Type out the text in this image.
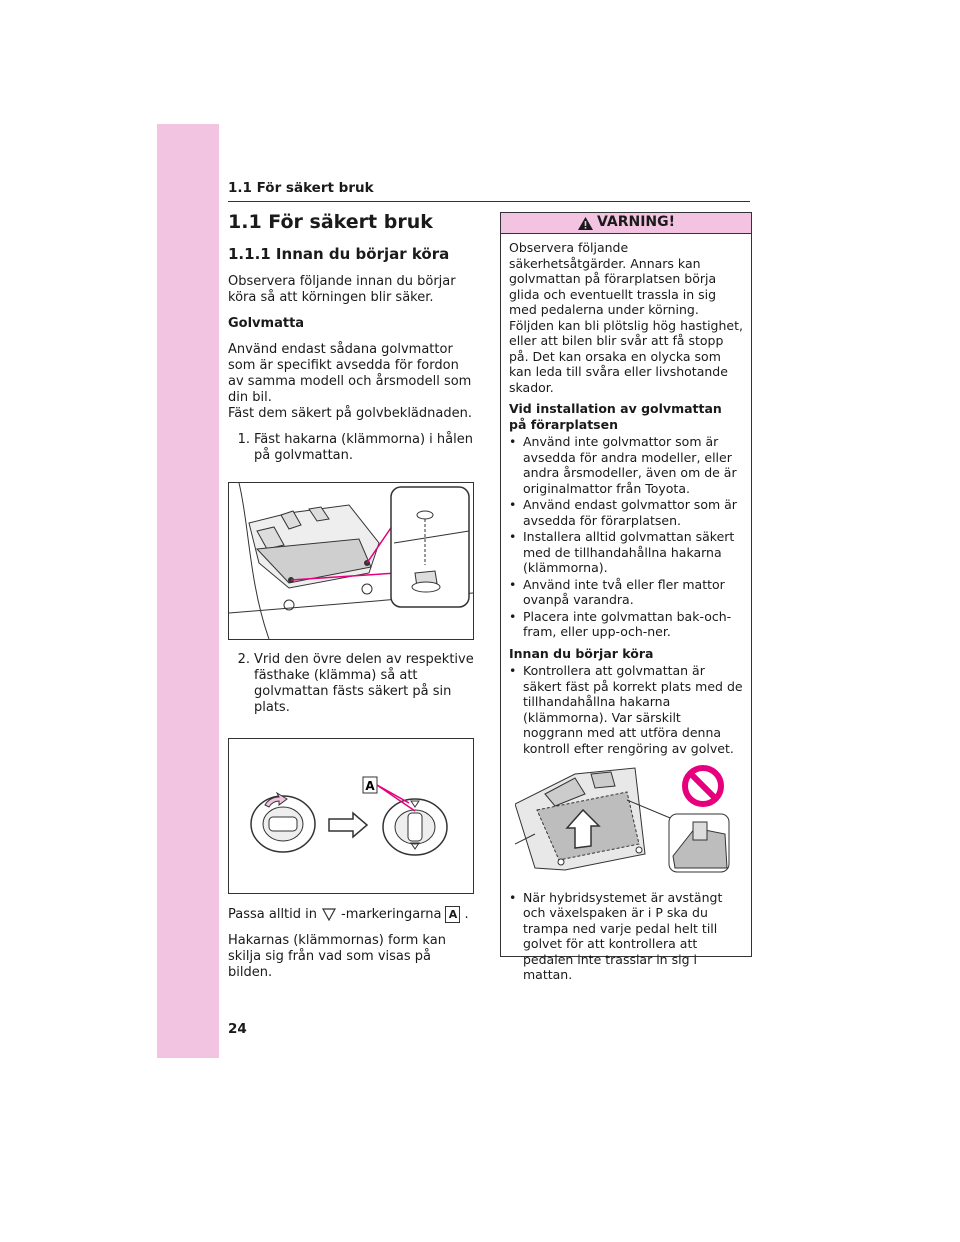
1.1 För säkert bruk
1.1 För säkert bruk
1.1.1 Innan du börjar köra

Observera följande innan du börjar köra så att körningen blir säker.

Golvmatta

Använd endast sådana golvmattor som är specifikt avsedda för fordon av samma modell och årsmodell som din bil.

Fäst dem säkert på golvbeklädnaden.

1. Fäst hakarna (klämmorna) i hålen på golvmattan.
2. Vrid den övre delen av respektive fästhake (klämma) så att golvmattan fästs säkert på sin plats.
A
Passa alltid in -markeringarna A .

Hakarnas (klämmornas) form kan skilja sig från vad som visas på bilden.

VARNING!

Observera följande säkerhetsåtgärder. Annars kan golvmattan på förarplatsen börja glida och eventuellt trassla in sig med pedalerna under körning. Följden kan bli plötslig hög hastighet, eller att bilen blir svår att få stopp på. Det kan orsaka en olycka som kan leda till svåra eller livshotande skador.

Vid installation av golvmattan på förarplatsen

• Använd inte golvmattor som är avsedda för andra modeller, eller andra årsmodeller, även om de är originalmattor från Toyota.
• Använd endast golvmattor som är avsedda för förarplatsen.
• Installera alltid golvmattan säkert med de tillhandahållna hakarna (klämmorna).
• Använd inte två eller fler mattor ovanpå varandra.
• Placera inte golvmattan bak-och-fram, eller upp-och-ner.

Innan du börjar köra

• Kontrollera att golvmattan är säkert fäst på korrekt plats med de tillhandahållna hakarna (klämmorna). Var särskilt noggrann med att utföra denna kontroll efter rengöring av golvet.
• När hybridsystemet är avstängt och växelspaken är i P ska du trampa ned varje pedal helt till golvet för att kontrollera att pedalen inte trasslar in sig i mattan.
24
